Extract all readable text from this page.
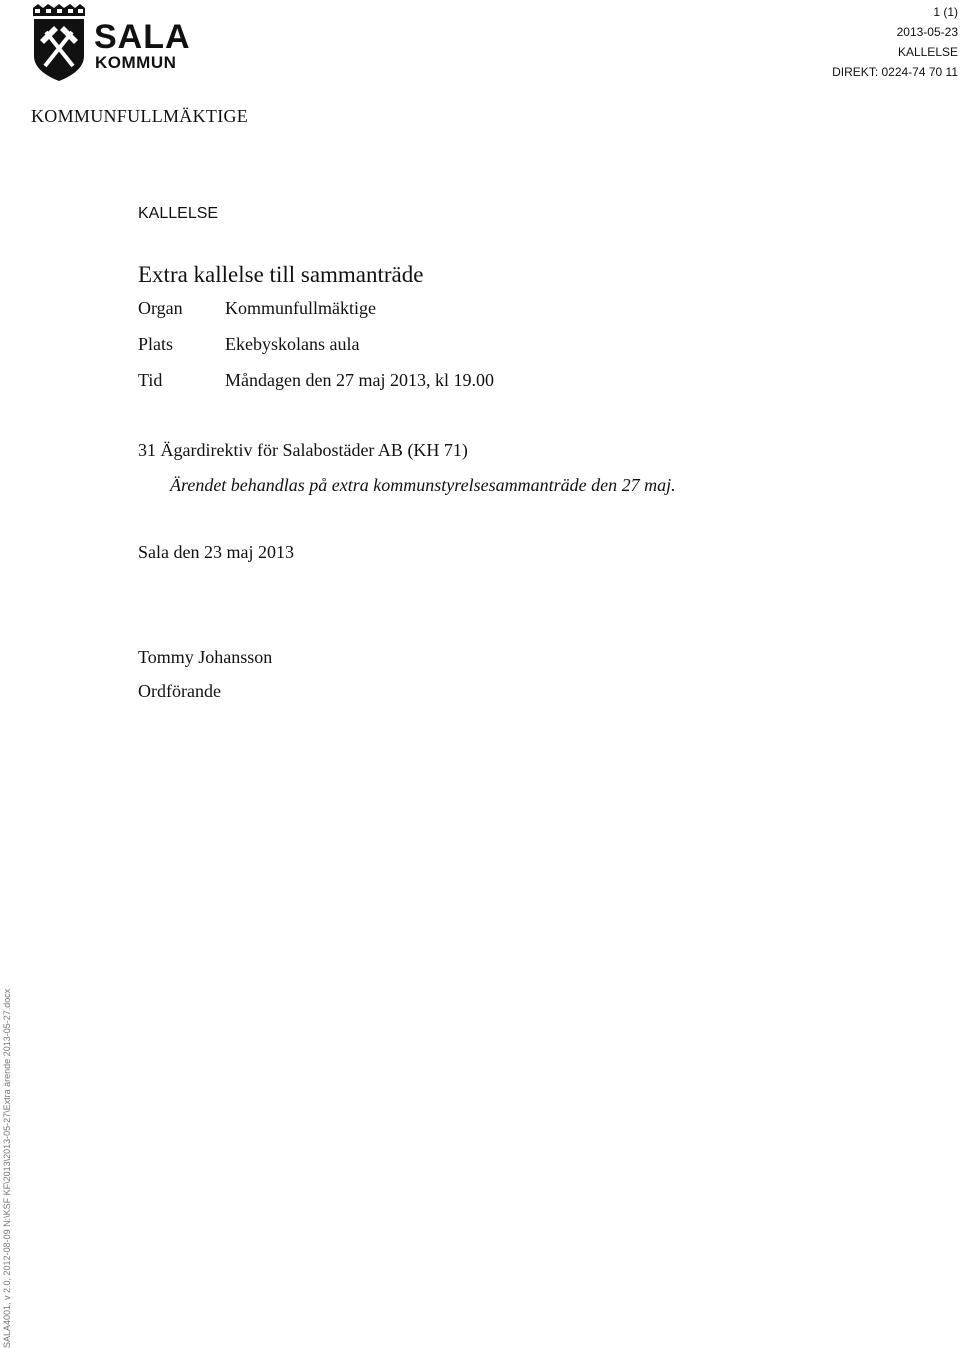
SALA
KOMMUN
1 (1)
2013-05-23
KALLELSE
DIREKT: 0224-74 70 11
KOMMUNFULLMÄKTIGE
KALLELSE
Extra kallelse till sammanträde
Organ	Kommunfullmäktige
Plats	Ekebyskolans aula
Tid	Måndagen den 27 maj 2013, kl 19.00
31 Ägardirektiv för Salabostäder AB (KH 71)
Ärendet behandlas på extra kommunstyrelsesammanträde den 27 maj.
Sala den 23 maj 2013
Tommy Johansson
Ordförande
SALA4001, v 2.0, 2012-08-09 N:\KSF KF\2013\2013-05-27\Extra ärende 2013-05-27.docx
